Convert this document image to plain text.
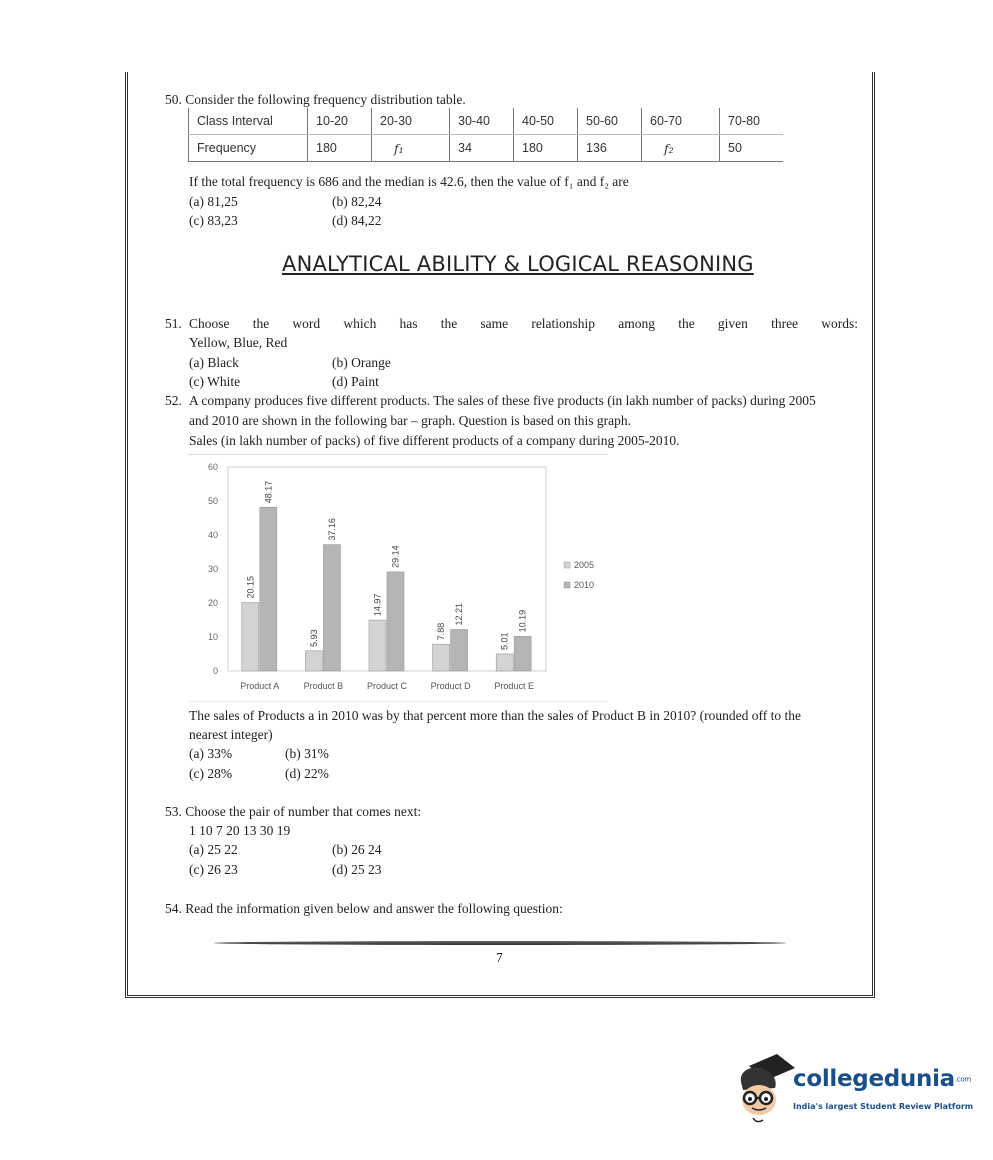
50. Consider the following frequency distribution table.
Class Interval	10-20	20-30	30-40	40-50	50-60	60-70	70-80
Frequency	180	f₁	34	180	136	f₂	50
If the total frequency is 686 and the median is 42.6, then the value of f₁ and f₂ are
(a) 81,25	(b) 82,24
(c) 83,23	(d) 84,22
ANALYTICAL ABILITY & LOGICAL REASONING
51. Choose the word which has the same relationship among the given three words:
Yellow, Blue, Red
(a) Black	(b) Orange
(c) White	(d) Paint
52. A company produces five different products. The sales of these five products (in lakh number of packs) during 2005
and 2010 are shown in the following bar – graph. Question is based on this graph.
Sales (in lakh number of packs) of five different products of a company during 2005-2010.
0
10
20
30
40
50
60
20.15
48.17
Product A
5.93
37.16
Product B
14.97
29.14
Product C
7.88
12.21
Product D
5.01
10.19
Product E
2005
2010
The sales of Products a in 2010 was by that percent more than the sales of Product B in 2010? (rounded off to the
nearest integer)
(a) 33%	(b) 31%
(c) 28%	(d) 22%
53. Choose the pair of number that comes next:
1 10 7 20 13 30 19
(a) 25 22	(b) 26 24
(c) 26 23	(d) 25 23
54. Read the information given below and answer the following question:
7
collegedunia.com
India's largest Student Review Platform
